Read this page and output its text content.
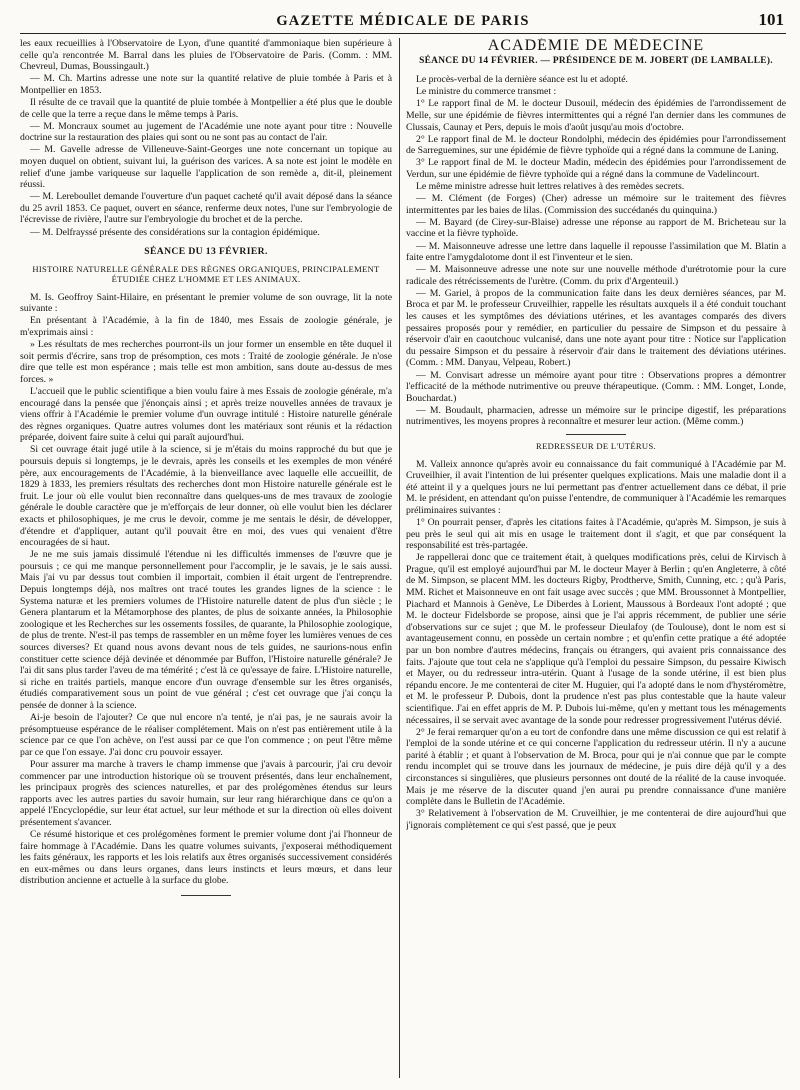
GAZETTE MÉDICALE DE PARIS	101

les eaux recueillies à l'Observatoire de Lyon, d'une quantité d'ammoniaque bien supérieure à celle qu'a rencontrée M. Barral dans les pluies de l'Observatoire de Paris. (Comm. : MM. Chevreul, Dumas, Boussingault.)

— M. Ch. Martins adresse une note sur la quantité relative de pluie tombée à Paris et à Montpellier en 1853.

Il résulte de ce travail que la quantité de pluie tombée à Montpellier a été plus que le double de celle que la terre a reçue dans le même temps à Paris.

— M. Moncraux soumet au jugement de l'Académie une note ayant pour titre : Nouvelle doctrine sur la restauration des plaies qui sont ou ne sont pas au contact de l'air.

— M. Gavelle adresse de Villeneuve-Saint-Georges une note concernant un topique au moyen duquel on obtient, suivant lui, la guérison des varices. A sa note est joint le modèle en relief d'une jambe variqueuse sur laquelle l'application de son remède a, dit-il, pleinement réussi.

— M. Lereboullet demande l'ouverture d'un paquet cacheté qu'il avait déposé dans la séance du 25 avril 1853. Ce paquet, ouvert en séance, renferme deux notes, l'une sur l'embryologie de l'écrevisse de rivière, l'autre sur l'embryologie du brochet et de la perche.

— M. Delfrayssé présente des considérations sur la contagion épidémique.

SÉANCE DU 13 FÉVRIER.
HISTOIRE NATURELLE GÉNÉRALE DES RÈGNES ORGANIQUES, PRINCIPALEMENT ÉTUDIÉE CHEZ L'HOMME ET LES ANIMAUX.

M. Is. Geoffroy Saint-Hilaire, en présentant le premier volume de son ouvrage, lit la note suivante :

En présentant à l'Académie, à la fin de 1840, mes Essais de zoologie générale, je m'exprimais ainsi :

» Les résultats de mes recherches pourront-ils un jour former un ensemble en tête duquel il soit permis d'écrire, sans trop de présomption, ces mots : Traité de zoologie générale. Je n'ose dire que telle est mon espérance ; mais telle est mon ambition, sans doute au-dessus de mes forces. »

L'accueil que le public scientifique a bien voulu faire à mes Essais de zoologie générale, m'a encouragé dans la pensée que j'énonçais ainsi ; et après treize nouvelles années de travaux je viens offrir à l'Académie le premier volume d'un ouvrage intitulé : Histoire naturelle générale des règnes organiques. Quatre autres volumes dont les matériaux sont réunis et la rédaction préparée, doivent faire suite à celui qui paraît aujourd'hui.

Si cet ouvrage était jugé utile à la science, si je m'étais du moins rapproché du but que je poursuis depuis si longtemps, je le devrais, après les conseils et les exemples de mon vénéré père, aux encouragements de l'Académie, à la bienveillance avec laquelle elle accueillit, de 1829 à 1833, les premiers résultats des recherches dont mon Histoire naturelle générale est le fruit. Le jour où elle voulut bien reconnaître dans quelques-uns de mes travaux de zoologie générale le double caractère que je m'efforçais de leur donner, où elle voulut bien les déclarer exacts et philosophiques, je me crus le devoir, comme je me sentais le désir, de développer, d'étendre et d'appliquer, autant qu'il pouvait être en moi, des vues qui venaient d'être encouragées de si haut.

Je ne me suis jamais dissimulé l'étendue ni les difficultés immenses de l'œuvre que je poursuis ; ce qui me manque personnellement pour l'accomplir, je le savais, je le sais aussi. Mais j'ai vu par dessus tout combien il importait, combien il était urgent de l'entreprendre. Depuis longtemps déjà, nos maîtres ont tracé toutes les grandes lignes de la science : le Systema naturæ et les premiers volumes de l'Histoire naturelle datent de plus d'un siècle ; le Genera plantarum et la Métamorphose des plantes, de plus de soixante années, la Philosophie zoologique et les Recherches sur les ossements fossiles, de quarante, la Philosophie zoologique, de plus de trente. N'est-il pas temps de rassembler en un même foyer les lumières venues de ces sources diverses? Et quand nous avons devant nous de tels guides, ne saurions-nous enfin constituer cette science déjà devinée et dénommée par Buffon, l'Histoire naturelle générale? Je l'ai dit sans plus tarder l'aveu de ma témérité ; c'est là ce qu'essaye de faire. L'Histoire naturelle, si riche en traités partiels, manque encore d'un ouvrage d'ensemble sur les êtres organisés, étudiés comparativement sous un point de vue général ; c'est cet ouvrage que j'ai conçu la pensée de donner à la science.

Ai-je besoin de l'ajouter? Ce que nul encore n'a tenté, je n'ai pas, je ne saurais avoir la présomptueuse espérance de le réaliser complétement. Mais on n'est pas entièrement utile à la science par ce que l'on achève, on l'est aussi par ce que l'on commence ; on peut l'être même par ce que l'on essaye. J'ai donc cru pouvoir essayer.

Pour assurer ma marche à travers le champ immense que j'avais à parcourir, j'ai cru devoir commencer par une introduction historique où se trouvent présentés, dans leur enchaînement, les principaux progrès des sciences naturelles, et par des prolégomènes étendus sur leurs rapports avec les autres parties du savoir humain, sur leur rang hiérarchique dans ce qu'on a appelé l'Encyclopédie, sur leur état actuel, sur leur méthode et sur la direction où elles doivent présentement s'avancer.

Ce résumé historique et ces prolégomènes forment le premier volume dont j'ai l'honneur de faire hommage à l'Académie. Dans les quatre volumes suivants, j'exposerai méthodiquement les faits généraux, les rapports et les lois relatifs aux êtres organisés successivement considérés en eux-mêmes ou dans leurs organes, dans leurs instincts et leurs mœurs, et dans leur distribution ancienne et actuelle à la surface du globe.

ACADÉMIE DE MÉDECINE
SÉANCE DU 14 FÉVRIER. — PRÉSIDENCE DE M. JOBERT (DE LAMBALLE).

Le procès-verbal de la dernière séance est lu et adopté.

Le ministre du commerce transmet :

1° Le rapport final de M. le docteur Dusouil, médecin des épidémies de l'arrondissement de Melle, sur une épidémie de fièvres intermittentes qui a régné l'an dernier dans les communes de Clussais, Caunay et Pers, depuis le mois d'août jusqu'au mois d'octobre.

2° Le rapport final de M. le docteur Rondolphi, médecin des épidémies pour l'arrondissement de Sarreguemines, sur une épidémie de fièvre typhoïde qui a régné dans la commune de Laning.

3° Le rapport final de M. le docteur Madin, médecin des épidémies pour l'arrondissement de Verdun, sur une épidémie de fièvre typhoïde qui a régné dans la commune de Vadelincourt.

Le même ministre adresse huit lettres relatives à des remèdes secrets.

— M. Clément (de Forges) (Cher) adresse un mémoire sur le traitement des fièvres intermittentes par les baies de lilas. (Commission des succédanés du quinquina.)

— M. Bayard (de Cirey-sur-Blaise) adresse une réponse au rapport de M. Bricheteau sur la vaccine et la fièvre typhoïde.

— M. Maisonneuve adresse une lettre dans laquelle il repousse l'assimilation que M. Blatin a faite entre l'amygdalotome dont il est l'inventeur et le sien.

— M. Maisonneuve adresse une note sur une nouvelle méthode d'urétrotomie pour la cure radicale des rétrécissements de l'urètre. (Comm. du prix d'Argenteuil.)

— M. Gariel, à propos de la communication faite dans les deux dernières séances, par M. Broca et par M. le professeur Cruveilhier, rappelle les résultats auxquels il a été conduit touchant les causes et les symptômes des déviations utérines, et les avantages comparés des divers pessaires proposés pour y remédier, en particulier du pessaire de Simpson et du pessaire à réservoir d'air en caoutchouc vulcanisé, dans une note ayant pour titre : Notice sur l'application du pessaire Simpson et du pessaire à réservoir d'air dans le traitement des déviations utérines. (Comm. : MM. Danyau, Velpeau, Robert.)

— M. Convisart adresse un mémoire ayant pour titre : Observations propres a démontrer l'efficacité de la méthode nutrimentive ou preuve thérapeutique. (Comm. : MM. Longet, Londe, Bouchardat.)

— M. Boudault, pharmacien, adresse un mémoire sur le principe digestif, les préparations nutrimentives, les moyens propres à reconnaître et mesurer leur action. (Même comm.)

REDRESSEUR DE L'UTÉRUS.

M. Valleix annonce qu'après avoir eu connaissance du fait communiqué à l'Académie par M. Cruveilhier, il avait l'intention de lui présenter quelques explications. Mais une maladie dont il a été atteint il y a quelques jours ne lui permettant pas d'entrer actuellement dans ce débat, il prie M. le président, en attendant qu'on puisse l'entendre, de communiquer à l'Académie les remarques préliminaires suivantes :

1° On pourrait penser, d'après les citations faites à l'Académie, qu'après M. Simpson, je suis à peu près le seul qui ait mis en usage le traitement dont il s'agit, et que par conséquent la responsabilité est très-partagée.

Je rappellerai donc que ce traitement était, à quelques modifications près, celui de Kirvisch à Prague, qu'il est employé aujourd'hui par M. le docteur Mayer à Berlin ; qu'en Angleterre, à côté de M. Simpson, se placent MM. les docteurs Rigby, Prodtherve, Smith, Cunning, etc. ; qu'à Paris, MM. Richet et Maisonneuve en ont fait usage avec succès ; que MM. Broussonnet à Montpellier, Piachard et Mannois à Genève, Le Diberdes à Lorient, Maussous à Bordeaux l'ont adopté ; que M. le docteur Fidelsborde se propose, ainsi que je l'ai appris récemment, de publier une série d'observations sur ce sujet ; que M. le professeur Dieulafoy (de Toulouse), dont le nom est si avantageusement connu, en possède un certain nombre ; et qu'enfin cette pratique a été adoptée par un bon nombre d'autres médecins, français ou étrangers, qui avaient pris connaissance des faits. J'ajoute que tout cela ne s'applique qu'à l'emploi du pessaire Simpson, du pessaire Kiwisch et Mayer, ou du redresseur intra-utérin. Quant à l'usage de la sonde utérine, il est bien plus répandu encore. Je me contenterai de citer M. Huguier, qui l'a adopté dans le nom d'hystéromètre, et M. le professeur P. Dubois, dont la prudence n'est pas plus contestable que la haute valeur scientifique. J'ai en effet appris de M. P. Dubois lui-même, qu'en y mettant tous les ménagements nécessaires, il se servait avec avantage de la sonde pour redresser progressivement l'utérus dévié.

2° Je ferai remarquer qu'on a eu tort de confondre dans une même discussion ce qui est relatif à l'emploi de la sonde utérine et ce qui concerne l'application du redresseur utérin. Il n'y a aucune parité à établir ; et quant à l'observation de M. Broca, pour qui je n'ai connue que par le compte rendu incomplet qui se trouve dans les journaux de médecine, je puis dire déjà qu'il y a des circonstances si singulières, que plusieurs personnes ont douté de la réalité de la cause invoquée. Mais je me réserve de la discuter quand j'en aurai pu prendre connaissance d'une manière complète dans le Bulletin de l'Académie.

3° Relativement à l'observation de M. Cruveilhier, je me contenterai de dire aujourd'hui que j'ignorais complètement ce qui s'est passé, que je peux
